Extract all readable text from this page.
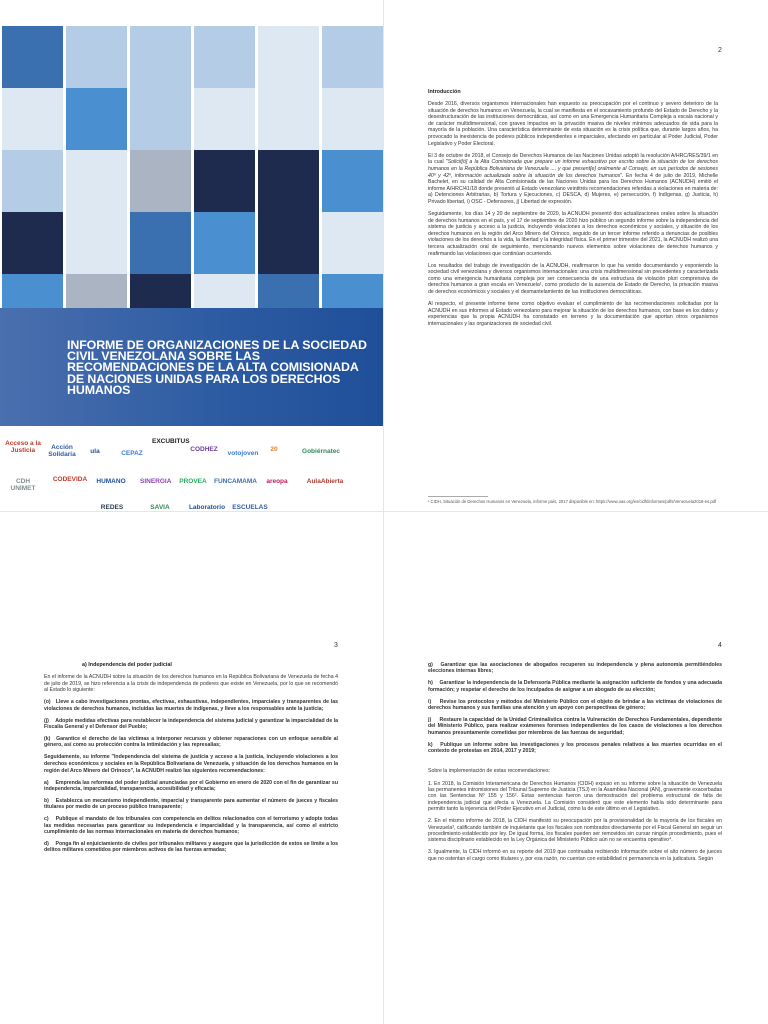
INFORME DE ORGANIZACIONES DE LA SOCIEDAD CIVIL VENEZOLANA SOBRE LAS RECOMENDACIONES DE LA ALTA COMISIONADA DE NACIONES UNIDAS PARA LOS DERECHOS HUMANOS
Acceso a la Justicia	Acción Solidaria	ula	CEPAZ
EXCUBITUS
CODHEZ
votojoven
20	Gobiérnatec
CDH UNIMET
CODEVIDA	HUMANO	SINERGIA	PROVEA	FUNCAMAMA	areopa	AulaAbierta
REDES	SAVIA	Laboratorio	ESCUELAS
2

Introducción

Desde 2016, diversos organismos internacionales han expuesto su preocupación por el continuo y severo deterioro de la situación de derechos humanos en Venezuela, la cual se manifiesta en el socavamiento profundo del Estado de Derecho y la desestructuración de las instituciones democráticas, así como en una Emergencia Humanitaria Compleja a escala nacional y de carácter multidimensional, con graves impactos en la privación masiva de niveles mínimos adecuados de vida para la mayoría de la población. Una característica determinante de esta situación es la crisis política que, durante largos años, ha provocado la inexistencia de poderes públicos independientes e imparciales, afectando en particular al Poder Judicial, Poder Legislativo y Poder Electoral.

El 3 de octubre de 2018, el Consejo de Derechos Humanos de las Naciones Unidas adoptó la resolución A/HRC/RES/39/1 en la cual "Solicit[ó] a la Alta Comisionada que prepare un informe exhaustivo por escrito sobre la situación de los derechos humanos en la República Bolivariana de Venezuela .... y que present[e] oralmente al Consejo, en sus períodos de sesiones 40º y 42º, información actualizada sobre la situación de los derechos humanos". En fecha 4 de julio de 2019, Michelle Bachelet, en su calidad de Alta Comisionada de las Naciones Unidas para los Derechos Humanos (ACNUDH) emitió el informe A/HRC/41/18 donde presentó al Estado venezolano veintitrés recomendaciones referidas a violaciones en materia de: a) Detenciones Arbitrarias, b) Tortura y Ejecuciones, c) DESCA, d) Mujeres, e) persecución, f) Indígenas, g) Justicia, h) Privado libertad, i) OSC - Defensores, j) Libertad de expresión.

Seguidamente, los días 14 y 20 de septiembre de 2020, la ACNUDH presentó dos actualizaciones orales sobre la situación de derechos humanos en el país, y el 17 de septiembre de 2020 hizo público un segundo informe sobre la independencia del sistema de justicia y acceso a la justicia, incluyendo violaciones a los derechos económicos y sociales, y situación de los derechos humanos en la región del Arco Minero del Orinoco, seguido de un tercer informe referido a denuncias de posibles violaciones de los derechos a la vida, la libertad y la integridad física. En el primer trimestre del 2021, la ACNUDH realizó una tercera actualización oral de seguimiento, mencionando nuevos elementos sobre violaciones de derechos humanos y reafirmando las violaciones que continúan ocurriendo.

Los resultados del trabajo de investigación de la ACNUDH, reafirmaron lo que ha venido documentando y exponiendo la sociedad civil venezolana y diversos organismos internacionales: una crisis multidimensional sin precedentes y caracterizada como una emergencia humanitaria compleja por ser consecuencia de una estructura de violación pluri comprensiva de derechos humanos a gran escala en Venezuela¹, como producto de la ausencia de Estado de Derecho, la privación masiva de derechos económicos y sociales y el desmantelamiento de las instituciones democráticas.

Al respecto, el presente informe tiene como objetivo evaluar el cumplimiento de las recomendaciones solicitadas por la ACNUDH en sus informes al Estado venezolano para mejorar la situación de los derechos humanos, con base en los datos y experiencias que la propia ACNUDH ha constatado en terreno y la documentación que aportan otros organismos internacionales y las organizaciones de sociedad civil.

¹ CIDH, Situación de Derechos Humanos en Venezuela, informe país, 2017 disponible en: https://www.oas.org/es/cidh/informes/pdfs/Venezuela2018-es.pdf
3

a) Independencia del poder judicial

En el informe de la ACNUDH sobre la situación de los derechos humanos en la República Bolivariana de Venezuela de fecha 4 de julio de 2019, se hizo referencia a la crisis de independencia de poderes que existe en Venezuela, por lo que se recomendó al Estado lo siguiente:

(o) Lleve a cabo investigaciones prontas, efectivas, exhaustivas, independientes, imparciales y transparentes de las violaciones de derechos humanos, incluidas las muertes de indígenas, y lleve a los responsables ante la justicia;

(j) Adopte medidas efectivas para restablecer la independencia del sistema judicial y garantizar la imparcialidad de la Fiscalía General y el Defensor del Pueblo;

(k) Garantice el derecho de las víctimas a interponer recursos y obtener reparaciones con un enfoque sensible al género, así como su protección contra la intimidación y las represalias;

Seguidamente, su informe "Independencia del sistema de justicia y acceso a la justicia, incluyendo violaciones a los derechos económicos y sociales en la República Bolivariana de Venezuela, y situación de los derechos humanos en la región del Arco Minero del Orinoco", la ACNUDH realizó las siguientes recomendaciones:

a) Emprenda las reformas del poder judicial anunciadas por el Gobierno en enero de 2020 con el fin de garantizar su independencia, imparcialidad, transparencia, accesibilidad y eficacia;

b) Establezca un mecanismo independiente, imparcial y transparente para aumentar el número de jueces y fiscales titulares por medio de un proceso público transparente;

c) Publique el mandato de los tribunales con competencia en delitos relacionados con el terrorismo y adopte todas las medidas necesarias para garantizar su independencia e imparcialidad y la transparencia, así como el estricto cumplimiento de las normas internacionales en materia de derechos humanos;

d) Ponga fin al enjuiciamiento de civiles por tribunales militares y asegure que la jurisdicción de estos se limite a los delitos militares cometidos por miembros activos de las fuerzas armadas;

4

g) Garantizar que las asociaciones de abogados recuperen su independencia y plena autonomía permitiéndoles elecciones internas libres;

h) Garantizar la independencia de la Defensoría Pública mediante la asignación suficiente de fondos y una adecuada formación; y respetar el derecho de los inculpados de asignar a un abogado de su elección;

i) Revise los protocolos y métodos del Ministerio Público con el objeto de brindar a las víctimas de violaciones de derechos humanos y sus familias una atención y un apoyo con perspectivas de género;

j) Restaure la capacidad de la Unidad Criminalística contra la Vulneración de Derechos Fundamentales, dependiente del Ministerio Público, para realizar exámenes forenses independientes de los casos de violaciones a los derechos humanos presuntamente cometidas por miembros de las fuerzas de seguridad;

k) Publique un informe sobre las investigaciones y los procesos penales relativos a las muertes ocurridas en el contexto de protestas en 2014, 2017 y 2019;

Sobre la implementación de estas recomendaciones:

1. En 2018, la Comisión Interamericana de Derechos Humanos (CIDH) expuso en su informe sobre la situación de Venezuela las permanentes intromisiones del Tribunal Supremo de Justicia (TSJ) en la Asamblea Nacional (AN), gravemente exacerbadas con las Sentencias Nº 155 y 156². Estas sentencias fueron una demostración del problema estructural de falta de independencia judicial que afecta a Venezuela. La Comisión consideró que este elemento había sido determinante para permitir tanto la injerencia del Poder Ejecutivo en el Judicial, como la de este último en el Legislativo.

2. En el mismo informe de 2018, la CIDH manifestó su preocupación por la provisionalidad de la mayoría de los fiscales en Venezuela³, calificando también de inquietante que los fiscales son nombrados directamente por el Fiscal General sin seguir un procedimiento establecido por ley. De igual forma, los fiscales pueden ser removidos sin cursar ningún procedimiento, pues el sistema disciplinario establecido en la Ley Orgánica del Ministerio Público aún no se encuentra operativo⁴.

3. Igualmente, la CIDH informó en su reporte del 2019 que continuaba recibiendo información sobre el alto número de jueces que no ostentan el cargo como titulares y, por esa razón, no cuentan con estabilidad ni permanencia en la judicatura. Según
